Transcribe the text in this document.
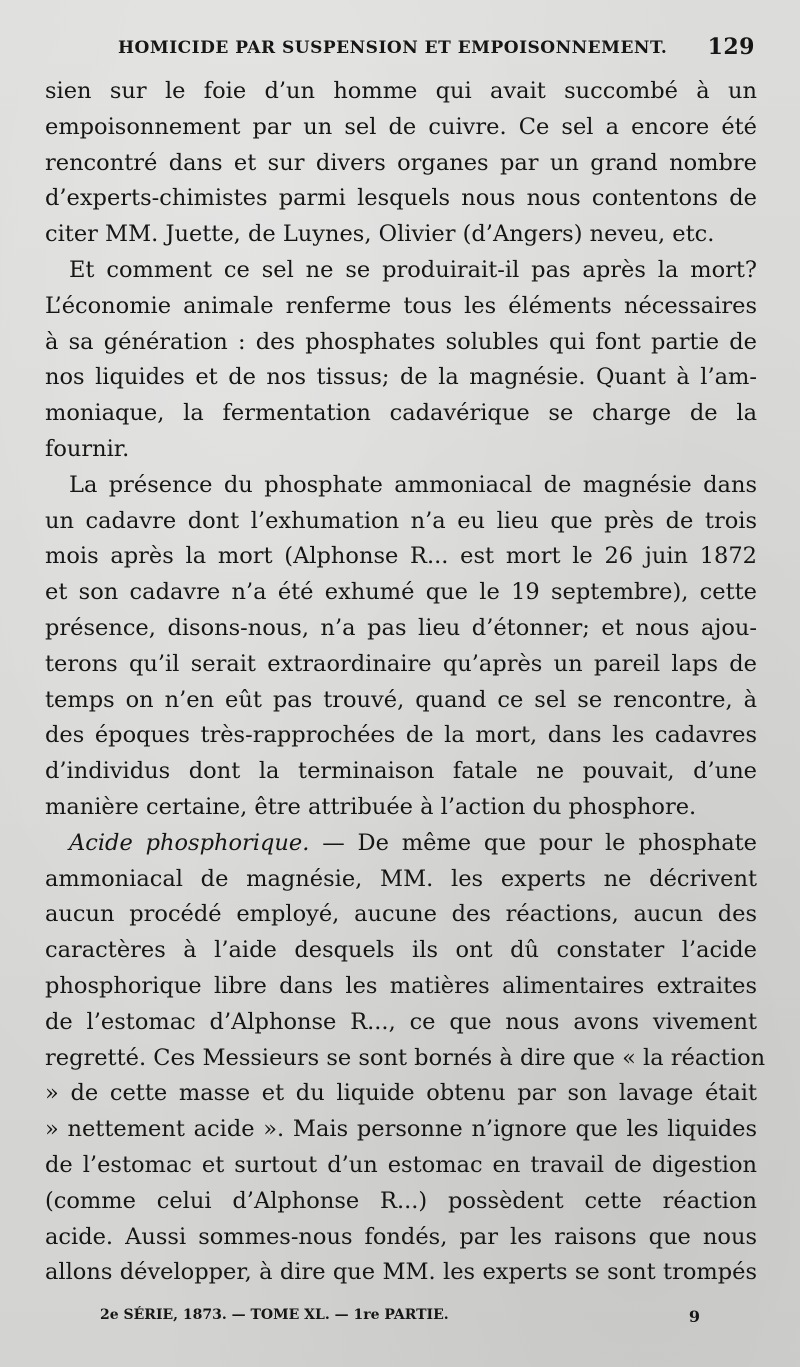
HOMICIDE PAR SUSPENSION ET EMPOISONNEMENT. 129
sien sur le foie d’un homme qui avait succombé à un
empoisonnement par un sel de cuivre. Ce sel a encore été
rencontré dans et sur divers organes par un grand nombre
d’experts-chimistes parmi lesquels nous nous contentons de
citer MM. Juette, de Luynes, Olivier (d’Angers) neveu, etc.
Et comment ce sel ne se produirait-il pas après la mort?
L’économie animale renferme tous les éléments nécessaires
à sa génération : des phosphates solubles qui font partie de
nos liquides et de nos tissus; de la magnésie. Quant à l’am-
moniaque, la fermentation cadavérique se charge de la
fournir.
La présence du phosphate ammoniacal de magnésie dans
un cadavre dont l’exhumation n’a eu lieu que près de trois
mois après la mort (Alphonse R... est mort le 26 juin 1872
et son cadavre n’a été exhumé que le 19 septembre), cette
présence, disons-nous, n’a pas lieu d’étonner; et nous ajou-
terons qu’il serait extraordinaire qu’après un pareil laps de
temps on n’en eût pas trouvé, quand ce sel se rencontre, à
des époques très-rapprochées de la mort, dans les cadavres
d’individus dont la terminaison fatale ne pouvait, d’une
manière certaine, être attribuée à l’action du phosphore.
Acide phosphorique. — De même que pour le phosphate
ammoniacal de magnésie, MM. les experts ne décrivent
aucun procédé employé, aucune des réactions, aucun des
caractères à l’aide desquels ils ont dû constater l’acide
phosphorique libre dans les matières alimentaires extraites
de l’estomac d’Alphonse R..., ce que nous avons vivement
regretté. Ces Messieurs se sont bornés à dire que « la réaction
» de cette masse et du liquide obtenu par son lavage était
» nettement acide ». Mais personne n’ignore que les liquides
de l’estomac et surtout d’un estomac en travail de digestion
(comme celui d’Alphonse R...) possèdent cette réaction
acide. Aussi sommes-nous fondés, par les raisons que nous
allons développer, à dire que MM. les experts se sont trompés
2e SÉRIE, 1873. — TOME XL. — 1re PARTIE.	9
